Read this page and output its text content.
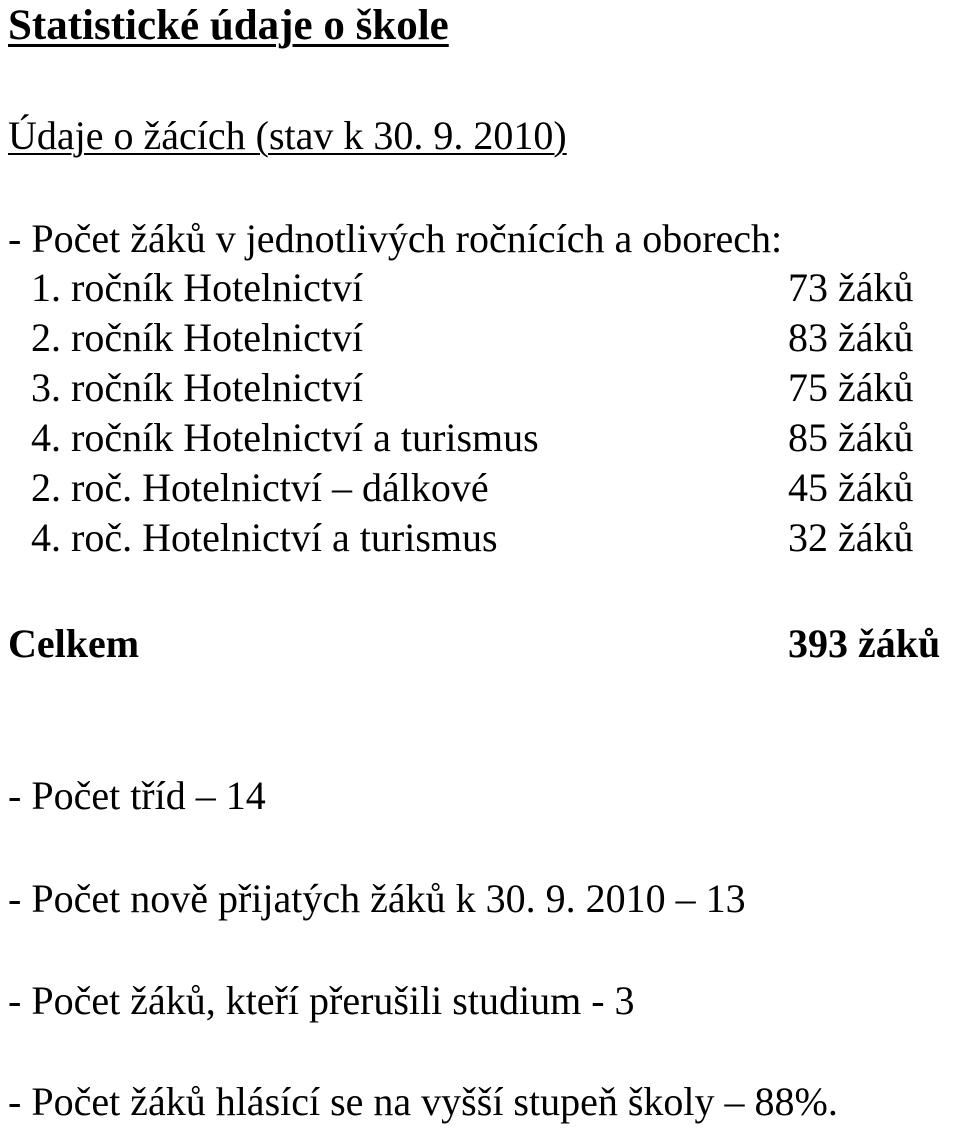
Statistické údaje o škole
Údaje o žácích (stav k 30. 9. 2010)
- Počet žáků v jednotlivých ročnících a oborech:
1. ročník Hotelnictví	73 žáků
2. ročník Hotelnictví	83 žáků
3. ročník Hotelnictví	75 žáků
4. ročník Hotelnictví a turismus	85 žáků
2. roč. Hotelnictví – dálkové	45 žáků
4. roč. Hotelnictví a turismus	32 žáků
Celkem	393 žáků
- Počet tříd – 14
- Počet nově přijatých žáků k 30. 9. 2010 – 13
- Počet žáků, kteří přerušili studium - 3
- Počet žáků hlásící se na vyšší stupeň školy – 88%.
